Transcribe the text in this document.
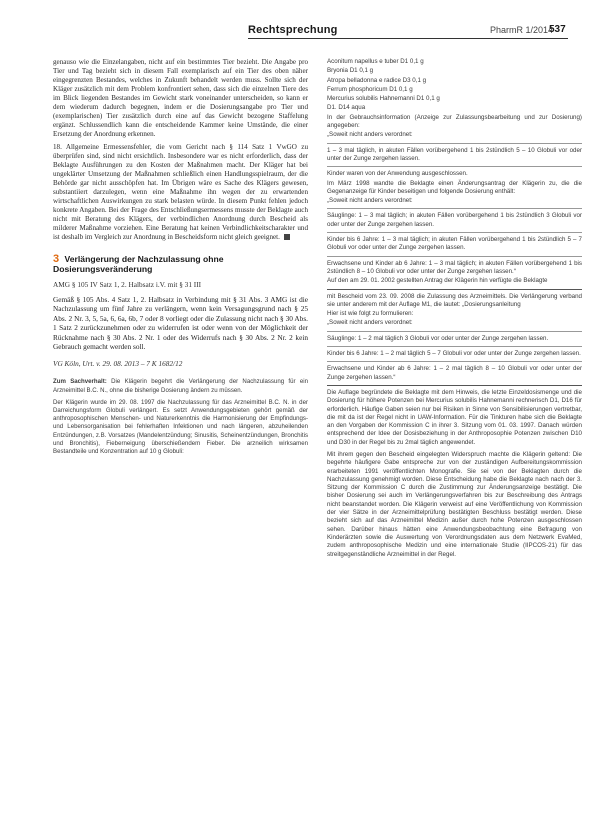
Rechtsprechung	PharmR 1/2014
537

genauso wie die Einzelangaben, nicht auf ein bestimmtes Tier bezieht. Die Angabe pro Tier und Tag bezieht sich in diesem Fall exemplarisch auf ein Tier des oben näher eingegrenzten Bestandes, welches in Zukunft behandelt werden muss. Sollte sich der Kläger zusätzlich mit dem Problem konfrontiert sehen, dass sich die einzelnen Tiere des im Blick liegenden Bestandes im Gewicht stark voneinander unterscheiden, so kann er dem wiederum dadurch begegnen, indem er die Dosierungsangabe pro Tier und (exemplarischen) Tier zusätzlich durch eine auf das Gewicht bezogene Staffelung ergänzt. Schlussendlich kann die entscheidende Kammer keine Umstände, die einer Ersetzung der Anordnung erkennen.

18. Allgemeine Ermessensfehler, die vom Gericht nach § 114 Satz 1 VwGO zu überprüfen sind, sind nicht ersichtlich. Insbesondere war es nicht erforderlich, dass der Beklagte Ausführungen zu den Kosten der Maßnahmen macht. Der Kläger hat bei ungeklärter Umsetzung der Maßnahmen schließlich einen Handlungsspielraum, der die Behörde gar nicht ausschöpfen hat. Im Übrigen wäre es Sache des Klägers gewesen, substantiiert darzulegen, wenn eine Maßnahme ihn wegen der zu erwartenden wirtschaftlichen Auswirkungen zu stark belasten würde. In diesem Punkt fehlen jedoch konkrete Angaben. Bei der Frage des Entschließungsermessens musste der Beklagte auch nicht mit Beratung des Klägers, der verbindlichen Anordnung durch Bescheid als milderer Maßnahme vorziehen. Eine Beratung hat keinen Verbindlichkeitscharakter und ist deshalb im Vergleich zur Anordnung in Bescheidsform nicht gleich geeignet.

3 Verlängerung der Nachzulassung ohne Dosierungsveränderung
AMG § 105 IV Satz 1, 2. Halbsatz i.V. mit § 31 III

Gemäß § 105 Abs. 4 Satz 1, 2. Halbsatz in Verbindung mit § 31 Abs. 3 AMG ist die Nachzulassung um fünf Jahre zu verlängern, wenn kein Versagungsgrund nach § 25 Abs. 2 Nr. 3, 5, 5a, 6, 6a, 6b, 7 oder 8 vorliegt oder die Zulassung nicht nach § 30 Abs. 1 Satz 2 zurückzunehmen oder zu widerrufen ist oder wenn von der Möglichkeit der Rücknahme nach § 30 Abs. 2 Nr. 1 oder des Widerrufs nach § 30 Abs. 2 Nr. 2 kein Gebrauch gemacht werden soll.

VG Köln, Urt. v. 29. 08. 2013 – 7 K 1682/12

Zum Sachverhalt: Die Klägerin begehrt die Verlängerung der Nachzulassung für ein Arzneimittel B.C. N., ohne die bisherige Dosierung ändern zu müssen.

Der Klägerin wurde im 29. 08. 1997 die Nachzulassung für das Arzneimittel B.C. N. in der Darreichungsform Globuli verlängert. Es setzt Anwendungsgebieten gehört gemäß der anthroposophischen Menschen- und Naturerkenntnis die Harmonisierung der Empfindungs- und Lebensorganisation bei fehlerhaften Infektionen und nach längeren, abzuheilenden Entzündungen, z.B. Vorsatzes (Mandelentzündung; Sinusitis, Scheinentzündungen, Bronchitis und Bronchitis), Fieberneigung überschießendem Fieber. Die arzneilich wirksamen Bestandteile und Konzentration auf 10 g Globuli:

Aconitum napellus e tuber D1 0,1 g

Bryonia D1 0,1 g

Atropa belladonna e radice D3 0,1 g

Ferrum phosphoricum D1 0,1 g

Mercurius solubilis Hahnemanni D1 0,1 g

D1. D14 aqua

In der Gebrauchsinformation (Anzeige zur Zulassungsbearbeitung und zur Dosierung) angegeben:

„Soweit nicht anders verordnet:

1 – 3 mal täglich, in akuten Fällen vorübergehend 1 bis 2stündlich 5 – 10 Globuli vor oder unter der Zunge zergehen lassen.

Kinder waren von der Anwendung ausgeschlossen.

Im März 1998 wandte die Beklagte einen Änderungsantrag der Klägerin zu, die die Gegenanzeige für Kinder beseitigen und folgende Dosierung enthält:

„Soweit nicht anders verordnet:

Säuglinge: 1 – 3 mal täglich; in akuten Fällen vorübergehend 1 bis 2stündlich 3 Globuli vor oder unter der Zunge zergehen lassen.

Kinder bis 6 Jahre: 1 – 3 mal täglich; in akuten Fällen vorübergehend 1 bis 2stündlich 5 – 7 Globuli vor oder unter der Zunge zergehen lassen.

Erwachsene und Kinder ab 6 Jahre: 1 – 3 mal täglich; in akuten Fällen vorübergehend 1 bis 2stündlich 8 – 10 Globuli vor oder unter der Zunge zergehen lassen.“

Auf den am 29. 01. 2002 gestellten Antrag der Klägerin hin verfügte die Beklagte

mit Bescheid vom 23. 09. 2008 die Zulassung des Arzneimittels. Die Verlängerung verband sie unter anderem mit der Auflage M1, die lautet: „Dosierungsanleitung

Hier ist wie folgt zu formulieren:

„Soweit nicht anders verordnet:

Säuglinge: 1 – 2 mal täglich 3 Globuli vor oder unter der Zunge zergehen lassen.

Kinder bis 6 Jahre: 1 – 2 mal täglich 5 – 7 Globuli vor oder unter der Zunge zergehen lassen.

Erwachsene und Kinder ab 6 Jahre: 1 – 2 mal täglich 8 – 10 Globuli vor oder unter der Zunge zergehen lassen.“

Die Auflage begründete die Beklagte mit dem Hinweis, die letzte Einzeldosismenge und die Dosierung für höhere Potenzen bei Mercurius solubilis Hahnemanni rechnerisch D1, D16 für erforderlich. Häufige Gaben seien nur bei Risiken in Sinne von Sensibilisierungen vertretbar, die mit da ist der Regel nicht in UAW-Information. Für die Tinkturen habe sich die Beklagte an den Vorgaben der Kommission C in ihrer 3. Sitzung vom 01. 03. 1997. Danach würden entsprechend der Idee der Dosisbeziehung in der Anthroposophie Potenzen zwischen D10 und D30 in der Regel bis zu 2mal täglich angewendet.

Mit ihrem gegen den Bescheid eingelegten Widerspruch machte die Klägerin geltend: Die begehrte häufigere Gabe entspreche zur von der zuständigen Aufbereitungskommission erarbeiteten 1991 veröffentlichten Monografie. Sie sei von der Beklagten durch die Nachzulassung genehmigt worden. Diese Entscheidung habe die Beklagte nach nach der 3. Sitzung der Kommission C durch die Zustimmung zur Änderungsanzeige bestätigt. Die bisher Dosierung sei auch im Verlängerungsverfahren bis zur Beschreibung des Antrags nicht beanstandet worden. Die Klägerin verweist auf eine Veröffentlichung von Kommission der vier Sätze in der Arzneimittelprüfung bestätigten Beschluss bestätigt werden. Diese bezieht sich auf das Arzneimittel Medizin außer durch hohe Potenzen ausgeschlossen sehen. Darüber hinaus hätten eine Anwendungsbeobachtung eine Befragung von Kinderärzten sowie die Auswertung von Verordnungsdaten aus dem Netzwerk EvaMed, zudem anthroposophische Medizin und eine internationale Studie (IIPCOS-21) für das streitgegenständliche Arzneimittel in der Regel.
